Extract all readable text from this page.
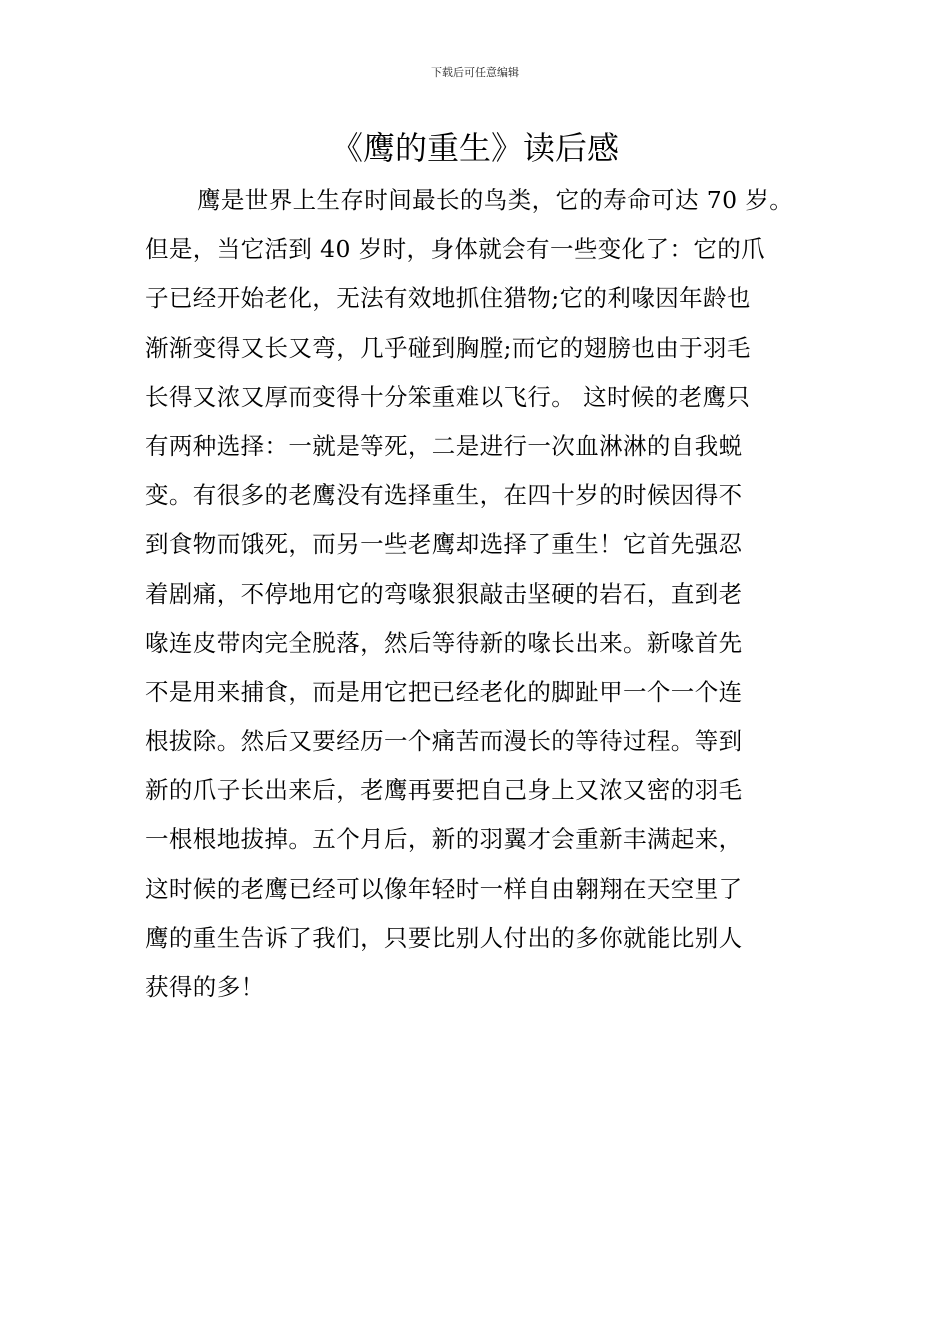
下载后可任意编辑
《鹰的重生》读后感
鹰是世界上生存时间最长的鸟类，它的寿命可达 70 岁。
但是，当它活到 40 岁时，身体就会有一些变化了：它的爪
子已经开始老化，无法有效地抓住猎物;它的利喙因年龄也
渐渐变得又长又弯，几乎碰到胸膛;而它的翅膀也由于羽毛
长得又浓又厚而变得十分笨重难以飞行。 这时候的老鹰只
有两种选择：一就是等死，二是进行一次血淋淋的自我蜕
变。有很多的老鹰没有选择重生，在四十岁的时候因得不
到食物而饿死，而另一些老鹰却选择了重生！它首先强忍
着剧痛，不停地用它的弯喙狠狠敲击坚硬的岩石，直到老
喙连皮带肉完全脱落，然后等待新的喙长出来。新喙首先
不是用来捕食，而是用它把已经老化的脚趾甲一个一个连
根拔除。然后又要经历一个痛苦而漫长的等待过程。等到
新的爪子长出来后，老鹰再要把自己身上又浓又密的羽毛
一根根地拔掉。五个月后，新的羽翼才会重新丰满起来，
这时候的老鹰已经可以像年轻时一样自由翱翔在天空里了
鹰的重生告诉了我们，只要比别人付出的多你就能比别人
获得的多！
